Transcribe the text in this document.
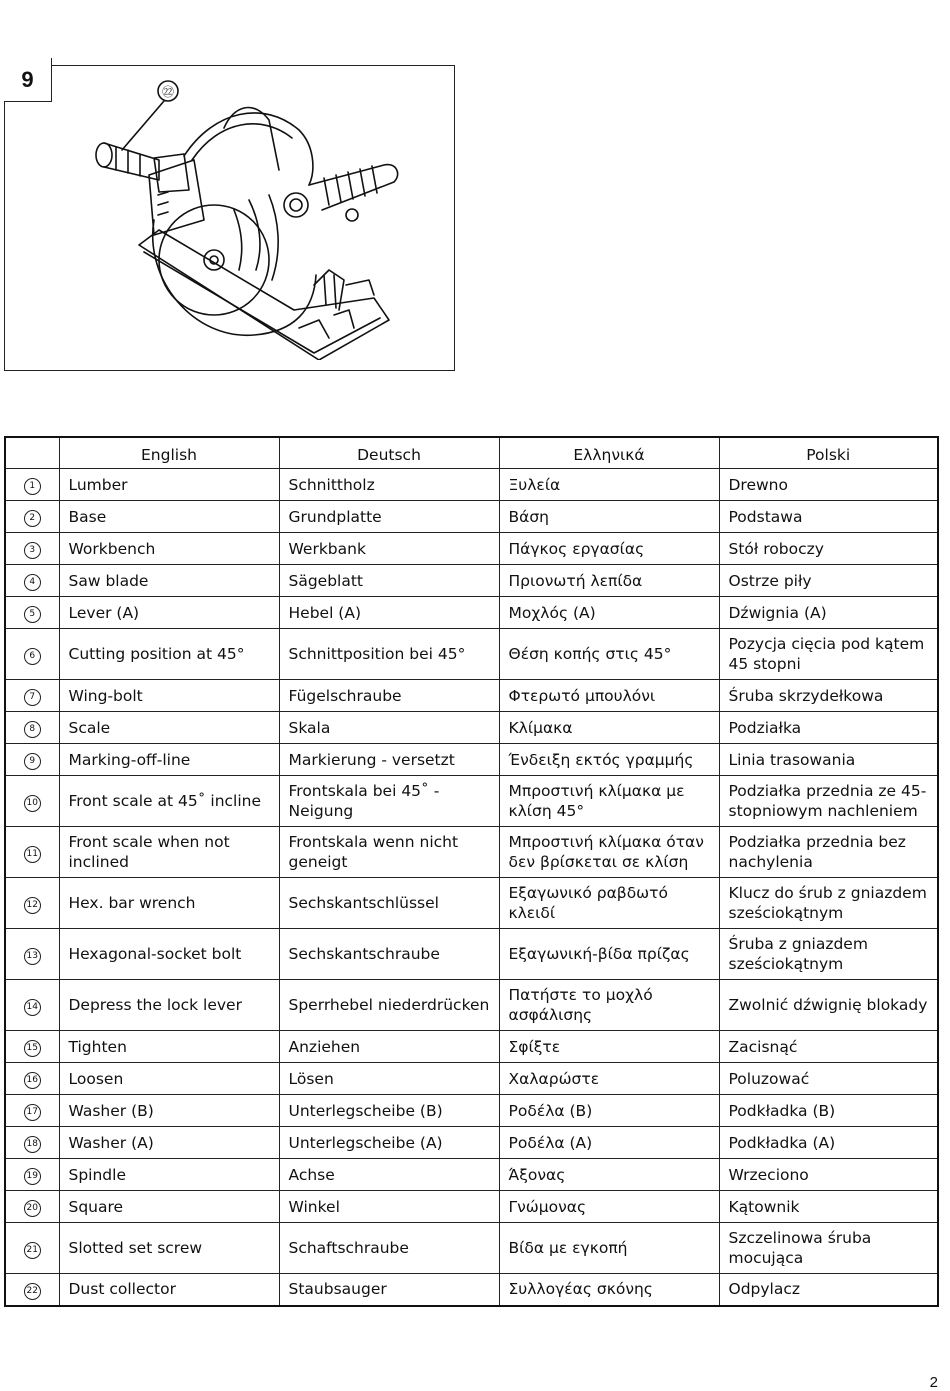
9
㉒
	English	Deutsch	Ελληνικά	Polski
1	Lumber	Schnittholz	Ξυλεία	Drewno
2	Base	Grundplatte	Βάση	Podstawa
3	Workbench	Werkbank	Πάγκος εργασίας	Stół roboczy
4	Saw blade	Sägeblatt	Πριονωτή λεπίδα	Ostrze piły
5	Lever (A)	Hebel (A)	Μοχλός (A)	Dźwignia (A)
6	Cutting position at 45°	Schnittposition bei 45°	Θέση κοπής στις 45°	Pozycja cięcia pod kątem 45 stopni
7	Wing-bolt	Fügelschraube	Φτερωτό μπουλόνι	Śruba skrzydełkowa
8	Scale	Skala	Κλίμακα	Podziałka
9	Marking-off-line	Markierung - versetzt	Ένδειξη εκτός γραμμής	Linia trasowania
10	Front scale at 45˚ incline	Frontskala bei 45˚ -Neigung	Μπροστινή κλίμακα με κλίση 45°	Podziałka przednia ze 45-stopniowym nachleniem
11	Front scale when not inclined	Frontskala wenn nicht geneigt	Μπροστινή κλίμακα όταν δεν βρίσκεται σε κλίση	Podziałka przednia bez nachylenia
12	Hex. bar wrench	Sechskantschlüssel	Εξαγωνικό ραβδωτό κλειδί	Klucz do śrub z gniazdem sześciokątnym
13	Hexagonal-socket bolt	Sechskantschraube	Εξαγωνική-βίδα πρίζας	Śruba z gniazdem sześciokątnym
14	Depress the lock lever	Sperrhebel niederdrücken	Πατήστε το μοχλό ασφάλισης	Zwolnić dźwignię blokady
15	Tighten	Anziehen	Σφίξτε	Zacisnąć
16	Loosen	Lösen	Χαλαρώστε	Poluzować
17	Washer (B)	Unterlegscheibe (B)	Ροδέλα (B)	Podkładka (B)
18	Washer (A)	Unterlegscheibe (A)	Ροδέλα (A)	Podkładka (A)
19	Spindle	Achse	Άξονας	Wrzeciono
20	Square	Winkel	Γνώμονας	Kątownik
21	Slotted set screw	Schaftschraube	Βίδα με εγκοπή	Szczelinowa śruba mocująca
22	Dust collector	Staubsauger	Συλλογέας σκόνης	Odpylacz
2
